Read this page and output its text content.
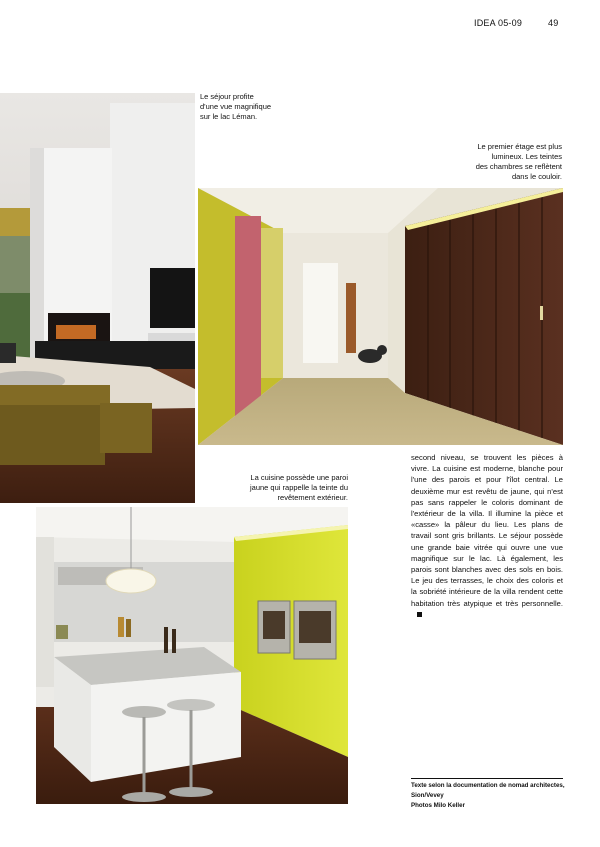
IDEA 05-09	49
Le séjour profite
d'une vue magnifique
sur le lac Léman.
Le premier étage est plus
lumineux. Les teintes
des chambres se reflètent
dans le couloir.
La cuisine possède une paroi
jaune qui rappelle la teinte du
revêtement extérieur.
second niveau, se trouvent les pièces à vivre. La cuisine est moderne, blanche pour l'une des parois et pour l'îlot central. Le deuxième mur est revêtu de jaune, qui n'est pas sans rappeler le coloris dominant de l'extérieur de la villa. Il illumine la pièce et «casse» la pâleur du lieu. Les plans de travail sont gris brillants. Le séjour possède une grande baie vitrée qui ouvre une vue magnifique sur le lac. Là également, les parois sont blanches avec des sols en bois. Le jeu des terrasses, le choix des coloris et la sobriété intérieure de la villa rendent cette habitation très atypique et très personnelle.
Texte selon la documentation de nomad architectes,
Sion/Vevey
Photos Milo Keller
